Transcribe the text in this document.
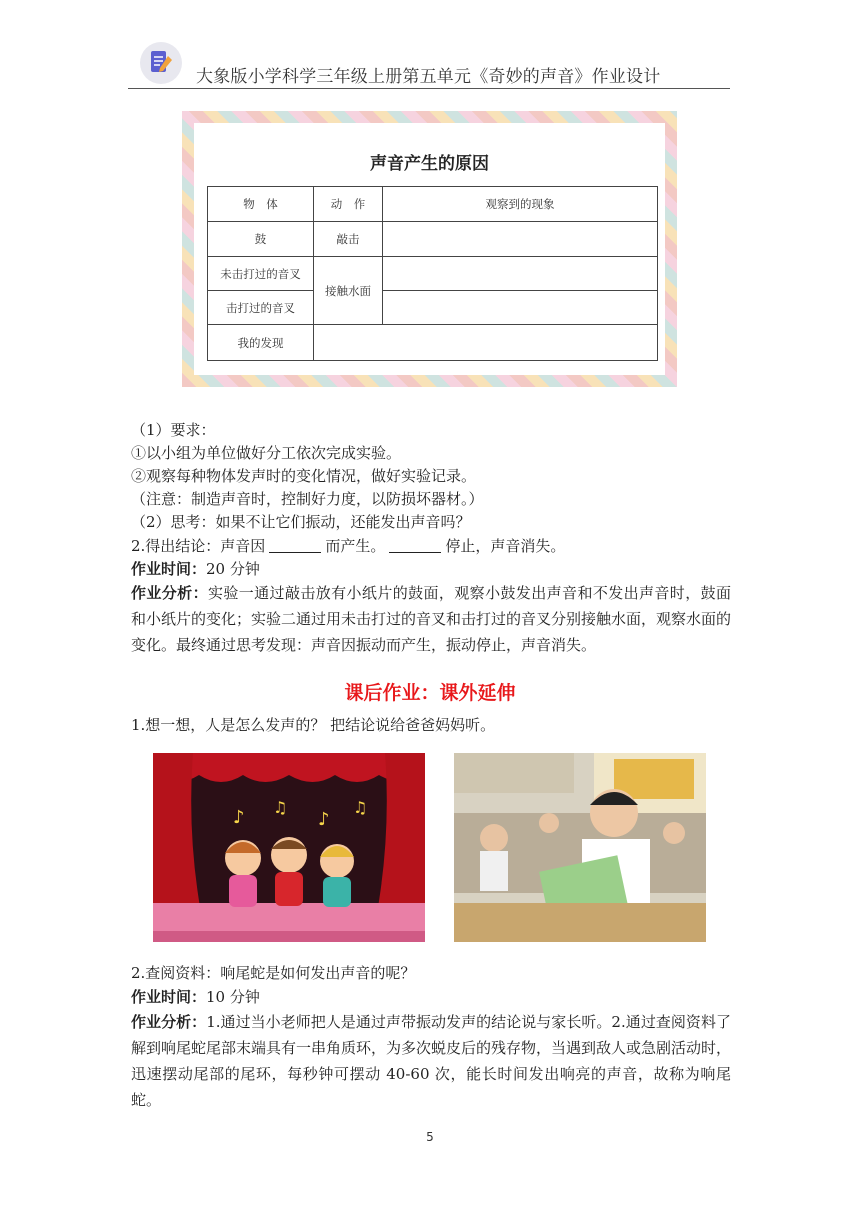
大象版小学科学三年级上册第五单元《奇妙的声音》作业设计
声音产生的原因
物　体	动　作	观察到的现象
鼓	敲击	
未击打过的音叉	接触水面	
击打过的音叉		
我的发现		
（1）要求：
①以小组为单位做好分工依次完成实验。
②观察每种物体发声时的变化情况，做好实验记录。
（注意：制造声音时，控制好力度，以防损坏器材。）
（2）思考：如果不让它们振动，还能发出声音吗？
2.得出结论：声音因	而产生。	停止，声音消失。
作业时间：20 分钟
作业分析：实验一通过敲击放有小纸片的鼓面，观察小鼓发出声音和不发出声音时，鼓面和小纸片的变化；实验二通过用未击打过的音叉和击打过的音叉分别接触水面，观察水面的变化。最终通过思考发现：声音因振动而产生，振动停止，声音消失。
课后作业：课外延伸
1.想一想，人是怎么发声的？ 把结论说给爸爸妈妈听。
♪ ♫
♪
♫
2.查阅资料：响尾蛇是如何发出声音的呢？
作业时间：10 分钟
作业分析：1.通过当小老师把人是通过声带振动发声的结论说与家长听。2.通过查阅资料了解到响尾蛇尾部末端具有一串角质环，为多次蜕皮后的残存物，当遇到敌人或急剧活动时，迅速摆动尾部的尾环，每秒钟可摆动 40-60 次，能长时间发出响亮的声音，故称为响尾蛇。
5
